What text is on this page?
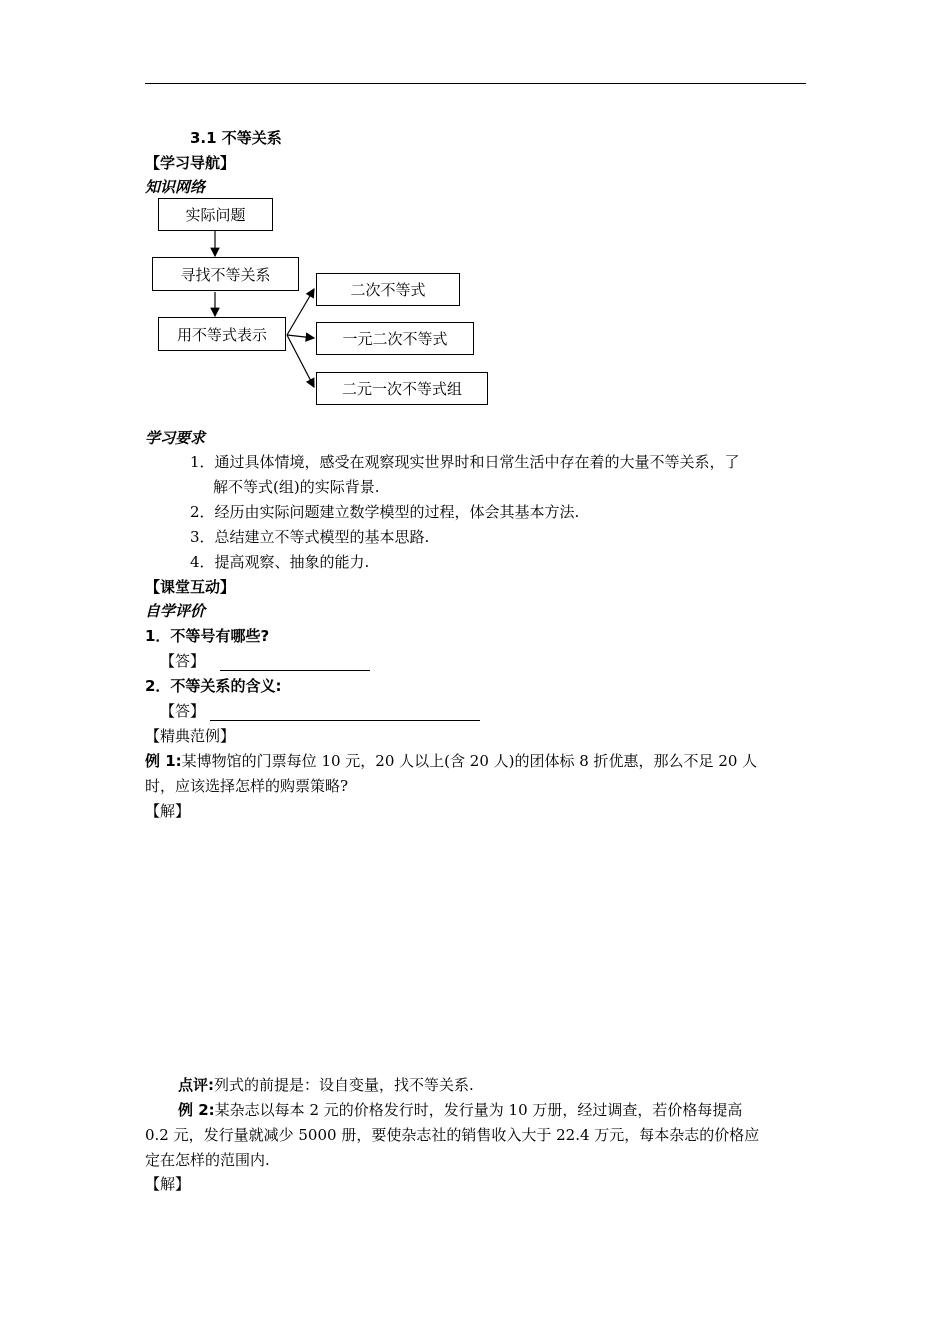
3.1 不等关系
【学习导航】
知识网络
实际问题
寻找不等关系
用不等式表示
二次不等式
一元二次不等式
二元一次不等式组
学习要求
1．通过具体情境，感受在观察现实世界时和日常生活中存在着的大量不等关系，了
解不等式(组)的实际背景.
2．经历由实际问题建立数学模型的过程，体会其基本方法.
3．总结建立不等式模型的基本思路.
4．提高观察、抽象的能力.
【课堂互动】
自学评价
1．不等号有哪些?
【答】
2．不等关系的含义:
【答】
【精典范例】
例 1:某博物馆的门票每位 10 元，20 人以上(含 20 人)的团体标 8 折优惠，那么不足 20 人
时，应该选择怎样的购票策略?
【解】
点评:列式的前提是：设自变量，找不等关系.
例 2:某杂志以每本 2 元的价格发行时，发行量为 10 万册，经过调查，若价格每提高
0.2 元，发行量就减少 5000 册，要使杂志社的销售收入大于 22.4 万元，每本杂志的价格应
定在怎样的范围内.
【解】
